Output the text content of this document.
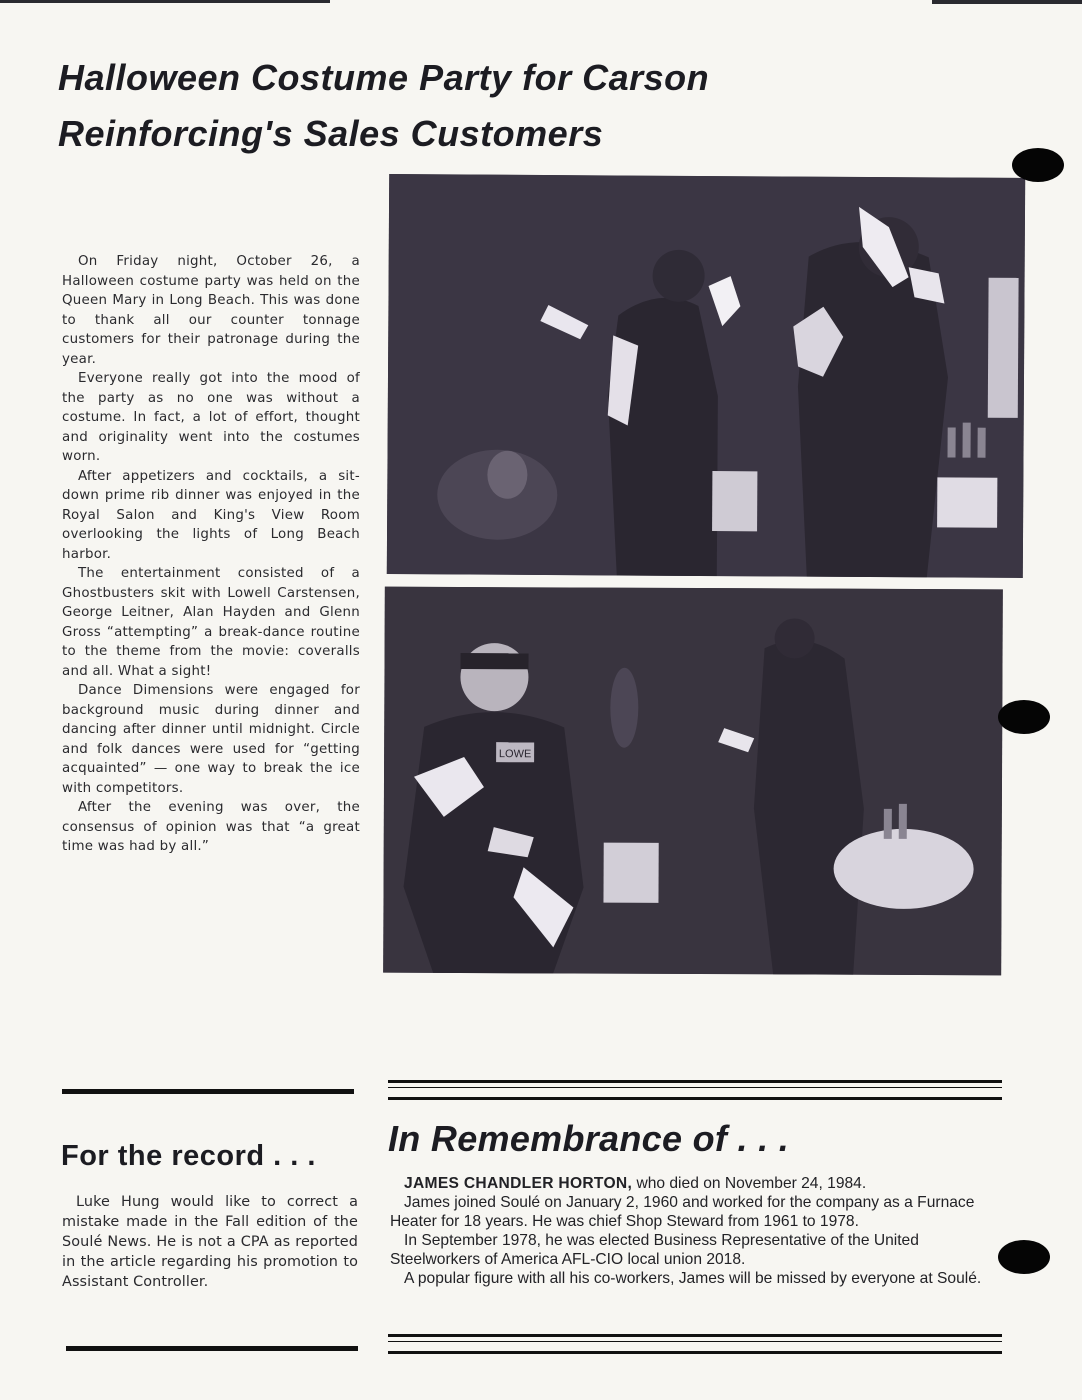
Halloween Costume Party for Carson
Reinforcing's Sales Customers

On Friday night, October 26, a Halloween costume party was held on the Queen Mary in Long Beach. This was done to thank all our counter tonnage customers for their patronage during the year.

Everyone really got into the mood of the party as no one was without a costume. In fact, a lot of effort, thought and originality went into the costumes worn.

After appetizers and cocktails, a sit-down prime rib dinner was enjoyed in the Royal Salon and King's View Room overlooking the lights of Long Beach harbor.

The entertainment consisted of a Ghostbusters skit with Lowell Carstensen, George Leitner, Alan Hayden and Glenn Gross “attempting” a break-dance routine to the theme from the movie: coveralls and all. What a sight!

Dance Dimensions were engaged for background music during dinner and dancing after dinner until midnight. Circle and folk dances were used for “getting acquainted” — one way to break the ice with competitors.

After the evening was over, the consensus of opinion was that “a great time was had by all.”

LOWE
For the record . . .

Luke Hung would like to correct a mistake made in the Fall edition of the Soulé News. He is not a CPA as reported in the article regarding his promotion to Assistant Controller.

In Remembrance of . . .

JAMES CHANDLER HORTON, who died on November 24, 1984.

James joined Soulé on January 2, 1960 and worked for the company as a Furnace Heater for 18 years. He was chief Shop Steward from 1961 to 1978.

In September 1978, he was elected Business Representative of the United Steelworkers of America AFL-CIO local union 2018.

A popular figure with all his co-workers, James will be missed by everyone at Soulé.
